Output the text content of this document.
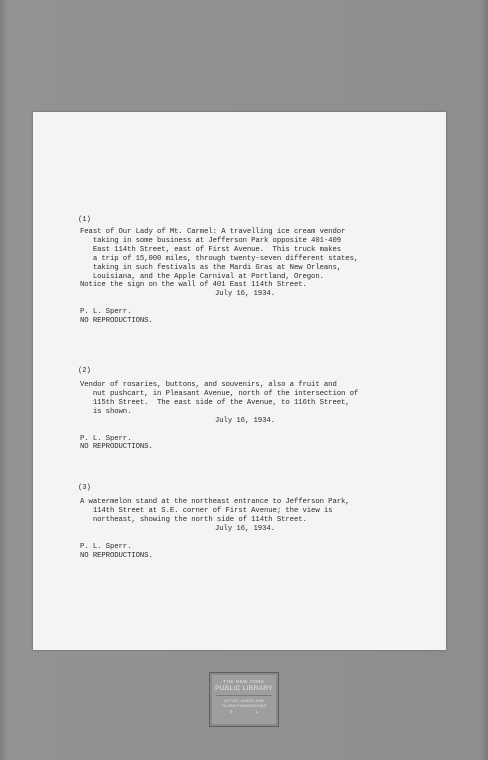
(1)
Feast of Our Lady of Mt. Carmel: A travelling ice cream vendor
taking in some business at Jefferson Park opposite 401-409
East 114th Street, east of First Avenue.  This truck makes
a trip of 15,000 miles, through twenty-seven different states,
taking in such festivals as the Mardi Gras at New Orleans,
Louisiana, and the Apple Carnival at Portland, Oregon.
Notice the sign on the wall of 401 East 114th Street.
July 16, 1934.
P. L. Sperr.
NO REPRODUCTIONS.
(2)
Vendor of rosaries, buttons, and souvenirs, also a fruit and
nut pushcart, in Pleasant Avenue, north of the intersection of
115th Street.  The east side of the Avenue, to 116th Street,
is shown.
July 16, 1934.
P. L. Sperr.
NO REPRODUCTIONS.
(3)
A watermelon stand at the northeast entrance to Jefferson Park,
114th Street at S.E. corner of First Avenue; the view is
northeast, showing the north side of 114th Street.
July 16, 1934.
P. L. Sperr.
NO REPRODUCTIONS.
THE NEW YORK
PUBLIC LIBRARY
ASTOR, LENOX AND
TILDEN FOUNDATIONS
R	L
